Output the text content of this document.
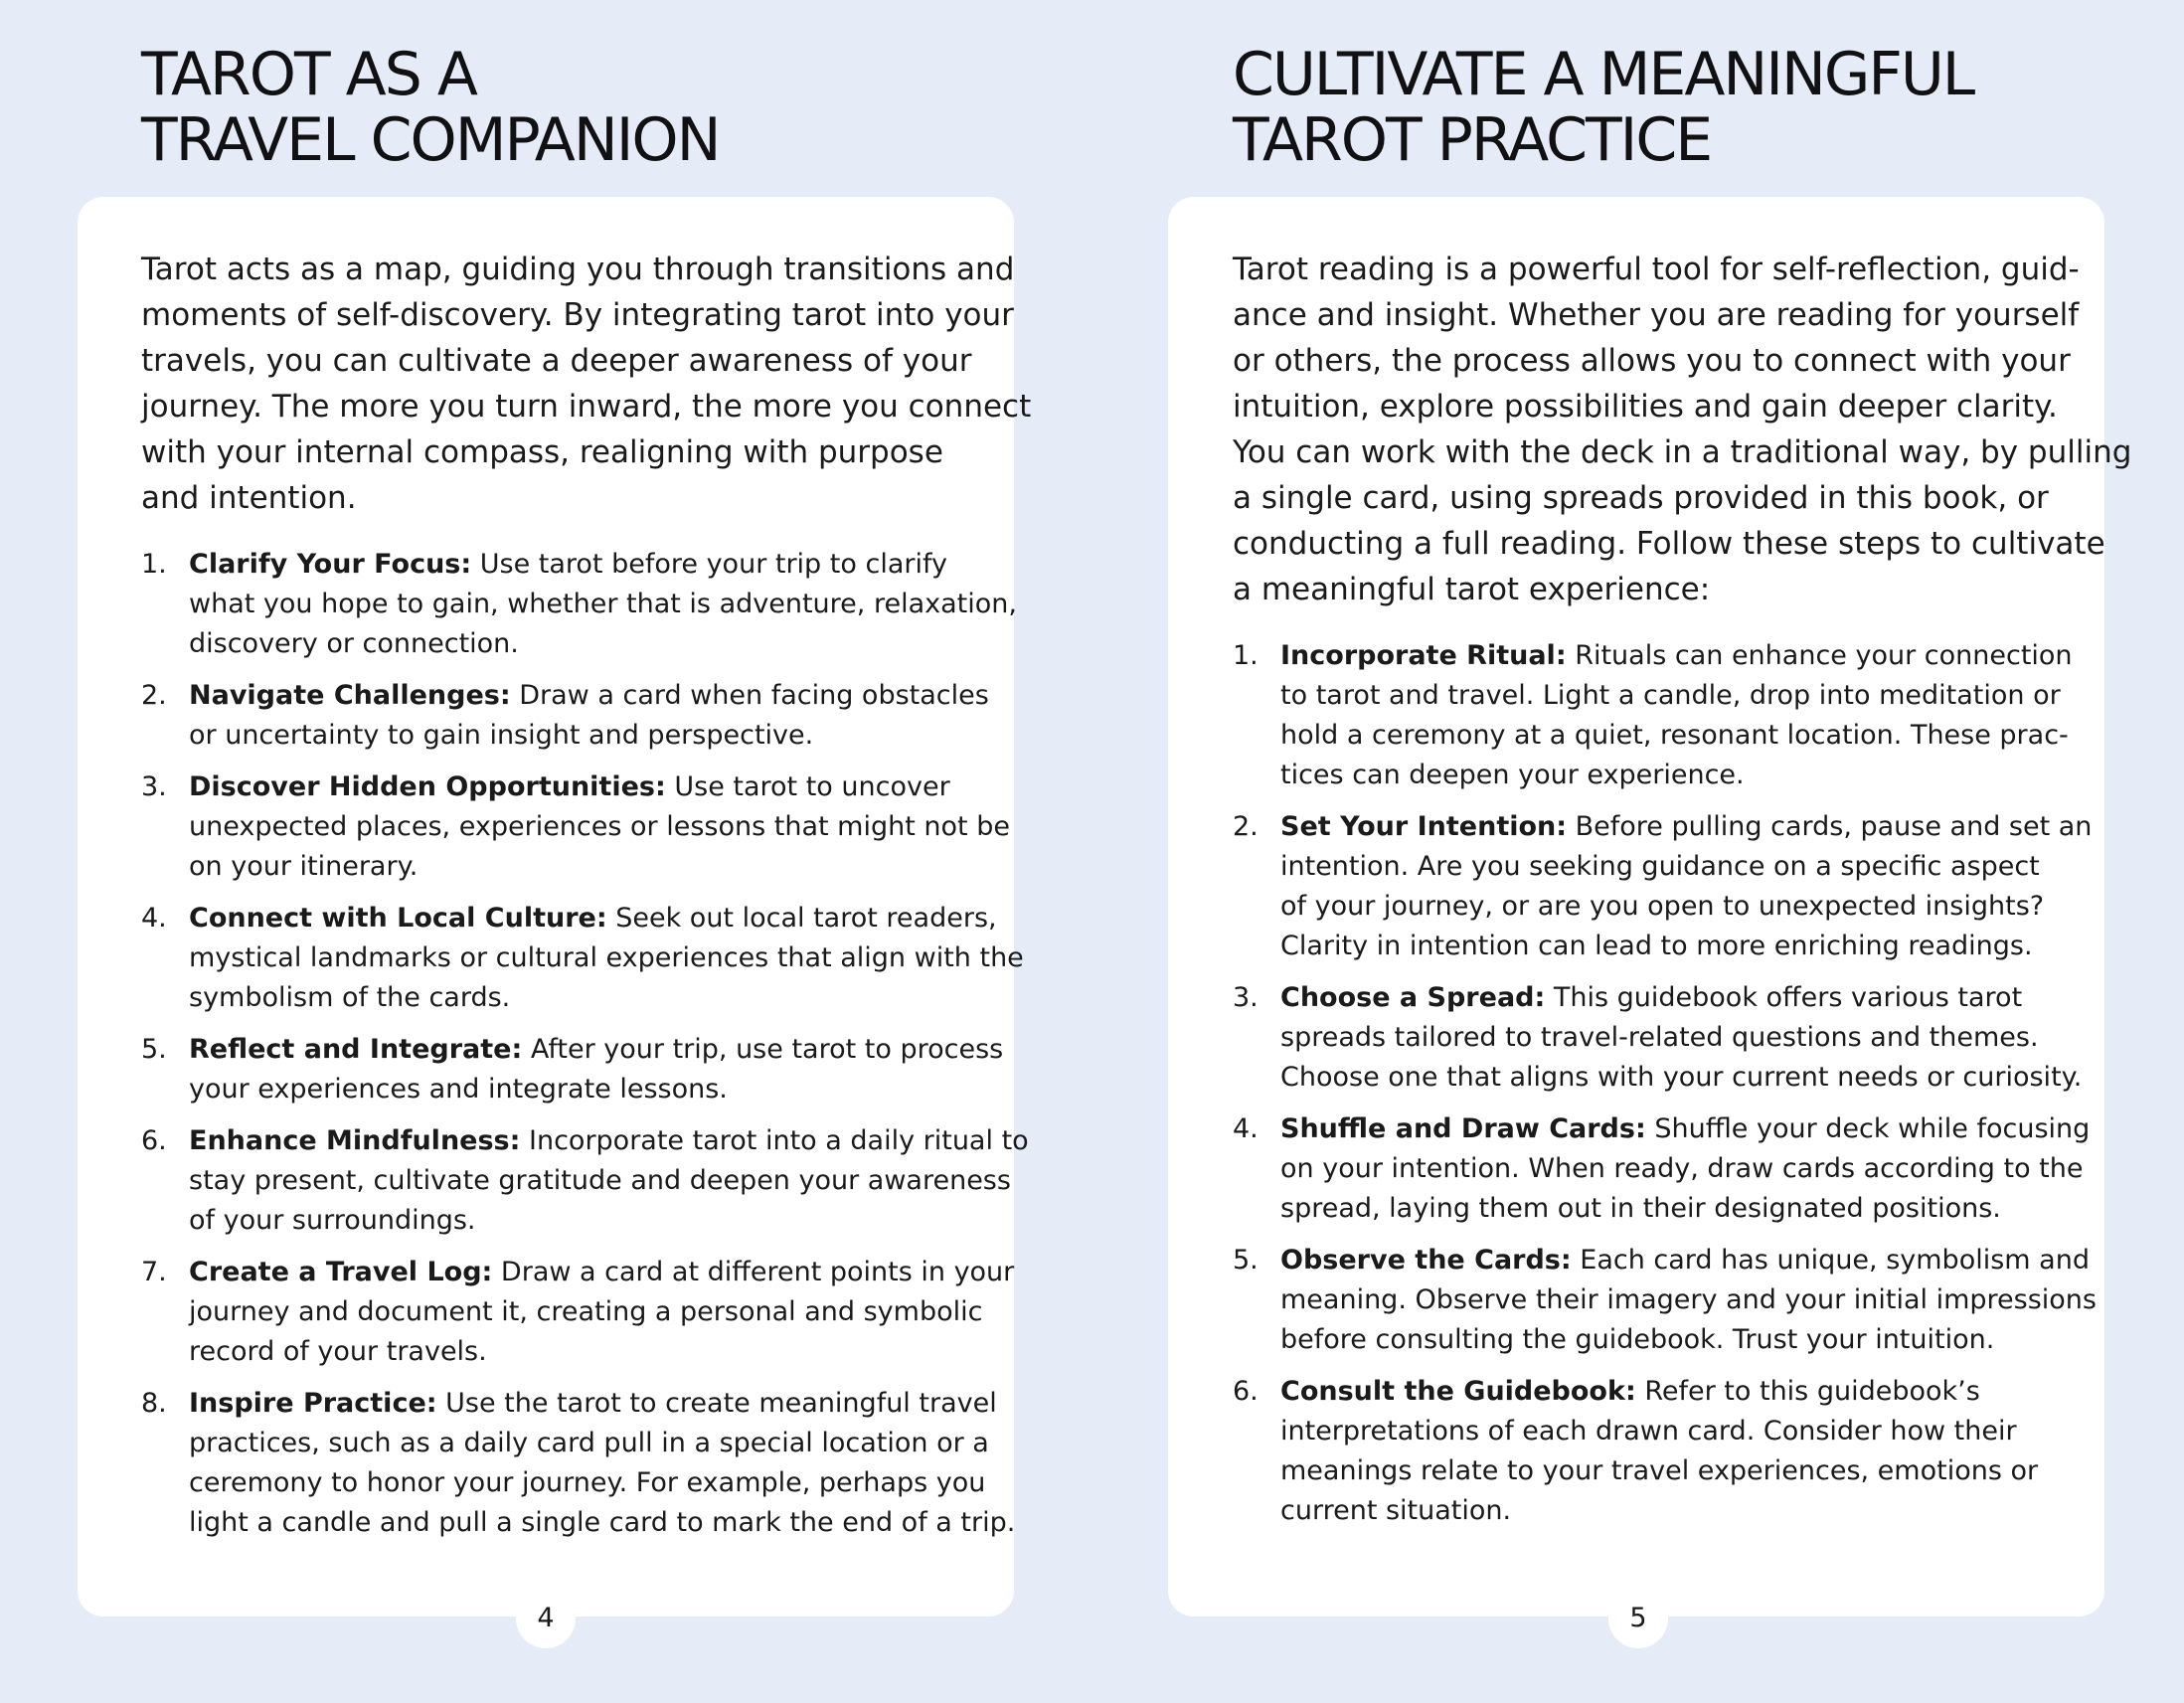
TAROT AS A
TRAVEL COMPANION

Tarot acts as a map, guiding you through transitions and
moments of self-discovery. By integrating tarot into your
travels, you can cultivate a deeper awareness of your
journey. The more you turn inward, the more you connect
with your internal compass, realigning with purpose
and intention.

1. Clarify Your Focus: Use tarot before your trip to clarify
what you hope to gain, whether that is adventure, relaxation,
discovery or connection.
2. Navigate Challenges: Draw a card when facing obstacles
or uncertainty to gain insight and perspective.
3. Discover Hidden Opportunities: Use tarot to uncover
unexpected places, experiences or lessons that might not be
on your itinerary.
4. Connect with Local Culture: Seek out local tarot readers,
mystical landmarks or cultural experiences that align with the
symbolism of the cards.
5. Reflect and Integrate: After your trip, use tarot to process
your experiences and integrate lessons.
6. Enhance Mindfulness: Incorporate tarot into a daily ritual to
stay present, cultivate gratitude and deepen your awareness
of your surroundings.
7. Create a Travel Log: Draw a card at different points in your
journey and document it, creating a personal and symbolic
record of your travels.
8. Inspire Practice: Use the tarot to create meaningful travel
practices, such as a daily card pull in a special location or a
ceremony to honor your journey. For example, perhaps you
light a candle and pull a single card to mark the end of a trip.
4
CULTIVATE A MEANINGFUL
TAROT PRACTICE

Tarot reading is a powerful tool for self-reflection, guid-
ance and insight. Whether you are reading for yourself
or others, the process allows you to connect with your
intuition, explore possibilities and gain deeper clarity.
You can work with the deck in a traditional way, by pulling
a single card, using spreads provided in this book, or
conducting a full reading. Follow these steps to cultivate
a meaningful tarot experience:

1. Incorporate Ritual: Rituals can enhance your connection
to tarot and travel. Light a candle, drop into meditation or
hold a ceremony at a quiet, resonant location. These prac-
tices can deepen your experience.
2. Set Your Intention: Before pulling cards, pause and set an
intention. Are you seeking guidance on a specific aspect
of your journey, or are you open to unexpected insights?
Clarity in intention can lead to more enriching readings.
3. Choose a Spread: This guidebook offers various tarot
spreads tailored to travel-related questions and themes.
Choose one that aligns with your current needs or curiosity.
4. Shuffle and Draw Cards: Shuffle your deck while focusing
on your intention. When ready, draw cards according to the
spread, laying them out in their designated positions.
5. Observe the Cards: Each card has unique, symbolism and
meaning. Observe their imagery and your initial impressions
before consulting the guidebook. Trust your intuition.
6. Consult the Guidebook: Refer to this guidebook’s
interpretations of each drawn card. Consider how their
meanings relate to your travel experiences, emotions or
current situation.
5
